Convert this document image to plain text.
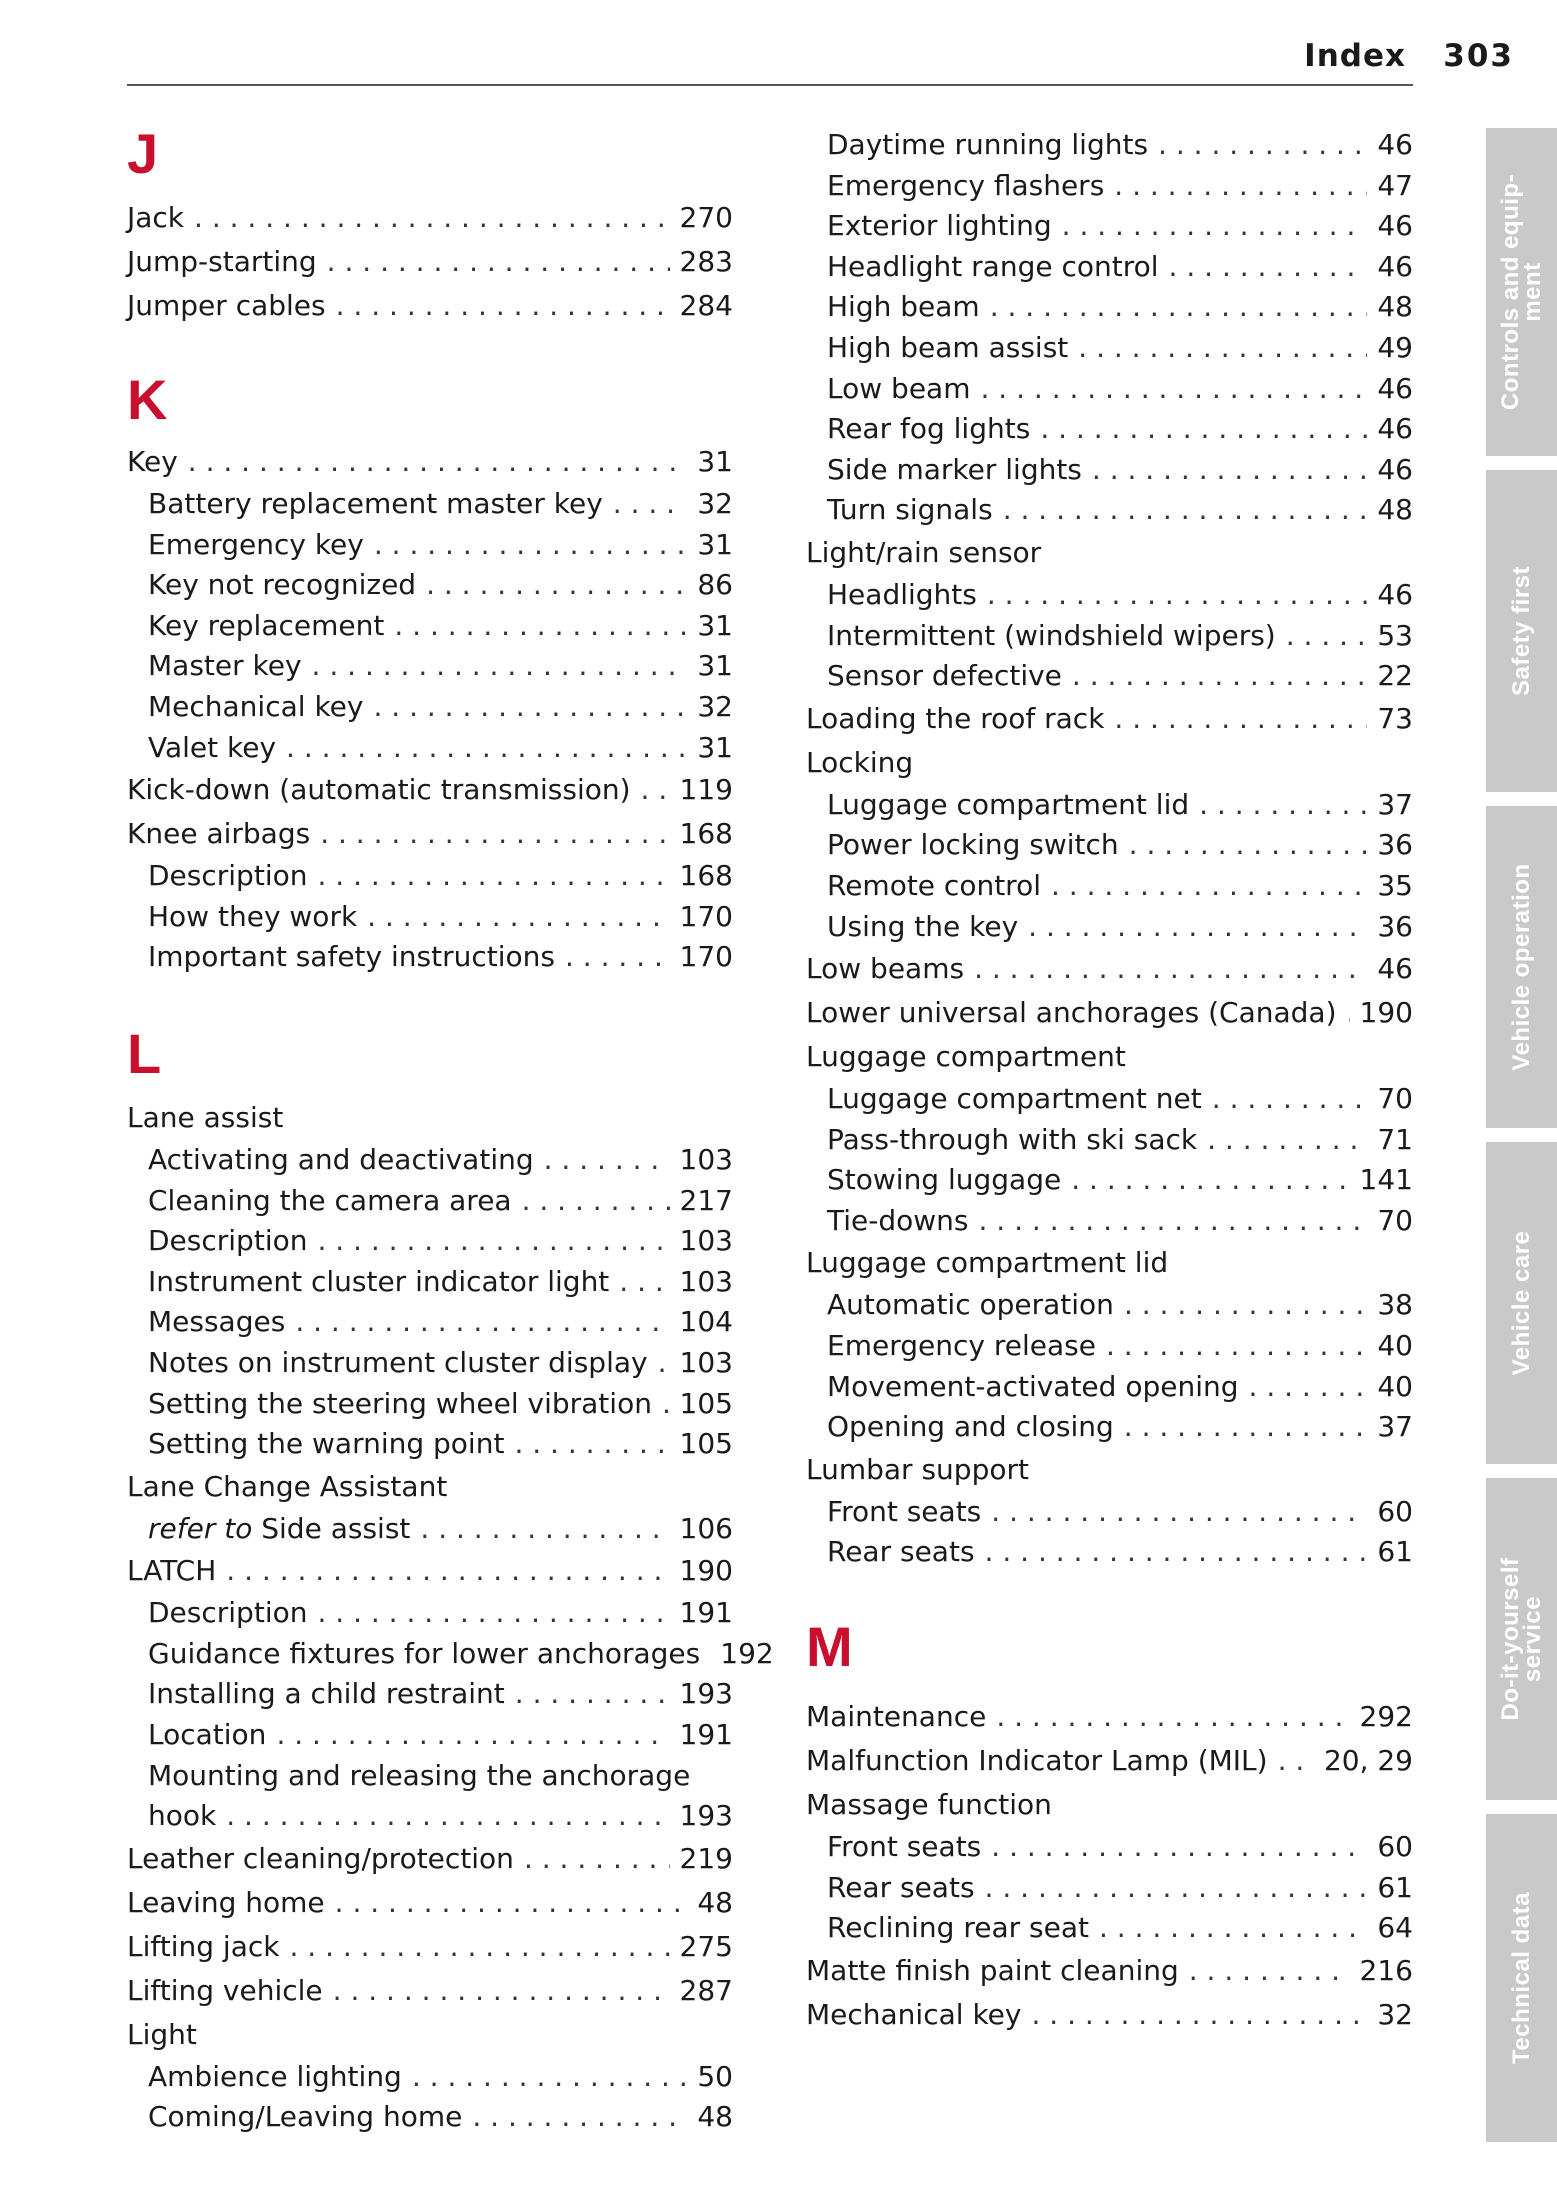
Index 303
J
Jack . . .	270
Jump-starting . . .	283
Jumper cables . . .	284
K
Key . . .	31
Battery replacement master key . . .	32
Emergency key . . .	31
Key not recognized . . .	86
Key replacement . . .	31
Master key . . .	31
Mechanical key . . .	32
Valet key . . .	31
Kick-down (automatic transmission) . . . 119
Knee airbags . . .	168
Description . . .	168
How they work . . .	170
Important safety instructions . . .	170
L
Lane assist
Activating and deactivating . . .	103
Cleaning the camera area . . .	217
Description . . .	103
Instrument cluster indicator light . . .	103
Messages . . .	104
Notes on instrument cluster display . . . 103
Setting the steering wheel vibration . . . 105
Setting the warning point . . .	105
Lane Change Assistant
refer to Side assist . . .	106
LATCH . . .	190
Description . . .	191
Guidance fixtures for lower anchorages 192
Installing a child restraint . . .	193
Location . . .	191
Mounting and releasing the anchorage
hook . . .	193
Leather cleaning/protection . . .	219
Leaving home . . .	48
Lifting jack . . .	275
Lifting vehicle . . .	287
Light
Ambience lighting . . .	50
Coming/Leaving home . . .	48
Daytime running lights . . .	46
Emergency flashers . . .	47
Exterior lighting . . .	46
Headlight range control . . .	46
High beam . . .	48
High beam assist . . .	49
Low beam . . .	46
Rear fog lights . . .	46
Side marker lights . . .	46
Turn signals . . .	48
Light/rain sensor
Headlights . . .	46
Intermittent (windshield wipers) . . .	53
Sensor defective . . .	22
Loading the roof rack . . .	73
Locking
Luggage compartment lid . . .	37
Power locking switch . . .	36
Remote control . . .	35
Using the key . . .	36
Low beams . . .	46
Lower universal anchorages (Canada) . . . 190
Luggage compartment
Luggage compartment net . . .	70
Pass-through with ski sack . . .	71
Stowing luggage . . .	141
Tie-downs . . .	70
Luggage compartment lid
Automatic operation . . .	38
Emergency release . . .	40
Movement-activated opening . . .	40
Opening and closing . . .	37
Lumbar support
Front seats . . .	60
Rear seats . . .	61
M
Maintenance . . .	292
Malfunction Indicator Lamp (MIL) . . . 20, 29
Massage function
Front seats . . .	60
Rear seats . . .	61
Reclining rear seat . . .	64
Matte finish paint cleaning . . .	216
Mechanical key . . .	32
Controls and equip-
ment
Safety first
Vehicle operation
Vehicle care
Do-it-yourself
service
Technical data
